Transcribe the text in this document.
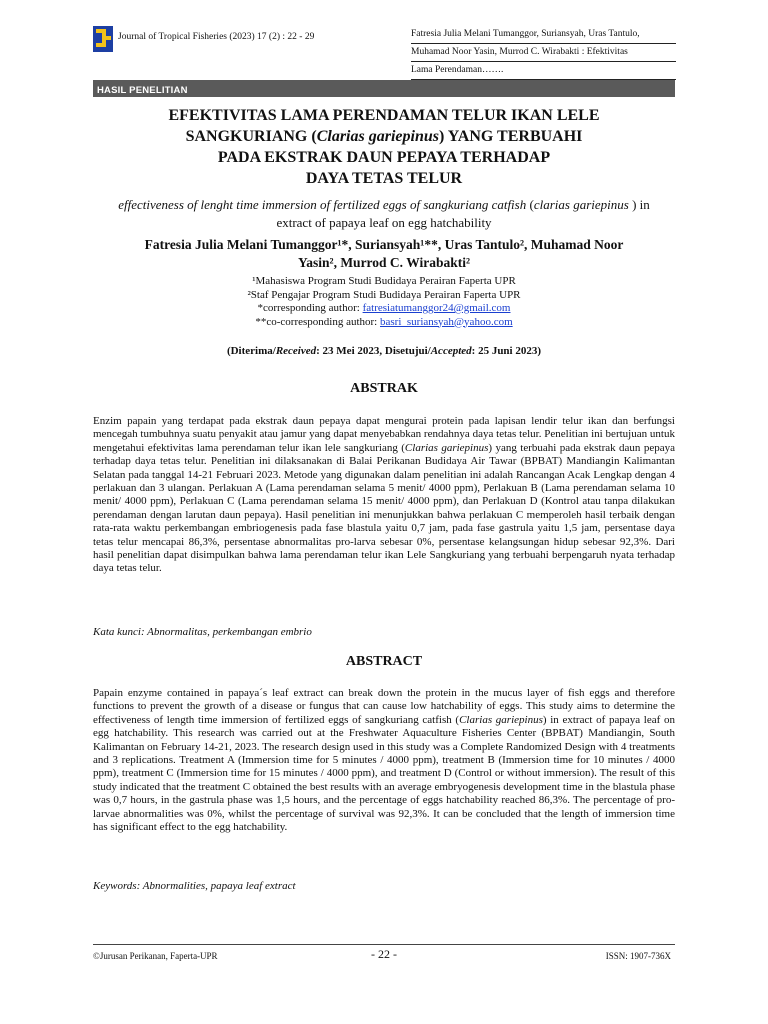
Journal of Tropical Fisheries (2023) 17 (2) : 22 - 29	Fatresia Julia Melani Tumanggor, Suriansyah, Uras Tantulo,
Muhamad Noor Yasin, Murrod C. Wirabakti : Efektivitas
Lama Perendaman…….
HASIL PENELITIAN
EFEKTIVITAS LAMA PERENDAMAN TELUR IKAN LELE
SANGKURIANG (Clarias gariepinus) YANG TERBUAHI
PADA EKSTRAK DAUN PEPAYA TERHADAP
DAYA TETAS TELUR
effectiveness of lenght time immersion of fertilized eggs of sangkuriang catfish (clarias gariepinus ) in extract of papaya leaf on egg hatchability
Fatresia Julia Melani Tumanggor¹*, Suriansyah¹**, Uras Tantulo², Muhamad Noor
Yasin², Murrod C. Wirabakti²
¹Mahasiswa Program Studi Budidaya Perairan Faperta UPR
²Staf Pengajar Program Studi Budidaya Perairan Faperta UPR
*corresponding author: fatresiatumanggor24@gmail.com
**co-corresponding author: basri_suriansyah@yahoo.com
(Diterima/Received: 23 Mei 2023, Disetujui/Accepted: 25 Juni 2023)
ABSTRAK

Enzim papain yang terdapat pada ekstrak daun pepaya dapat mengurai protein pada lapisan lendir telur ikan dan berfungsi mencegah tumbuhnya suatu penyakit atau jamur yang dapat menyebabkan rendahnya daya tetas telur. Penelitian ini bertujuan untuk mengetahui efektivitas lama perendaman telur ikan lele sangkuriang (Clarias gariepinus) yang terbuahi pada ekstrak daun pepaya terhadap daya tetas telur. Penelitian ini dilaksanakan di Balai Perikanan Budidaya Air Tawar (BPBAT) Mandiangin Kalimantan Selatan pada tanggal 14-21 Februari 2023. Metode yang digunakan dalam penelitian ini adalah Rancangan Acak Lengkap dengan 4 perlakuan dan 3 ulangan. Perlakuan A (Lama perendaman selama 5 menit/ 4000 ppm), Perlakuan B (Lama perendaman selama 10 menit/ 4000 ppm), Perlakuan C (Lama perendaman selama 15 menit/ 4000 ppm), dan Perlakuan D (Kontrol atau tanpa dilakukan perendaman dengan larutan daun pepaya). Hasil penelitian ini menunjukkan bahwa perlakuan C memperoleh hasil terbaik dengan rata-rata waktu perkembangan embriogenesis pada fase blastula yaitu 0,7 jam, pada fase gastrula yaitu 1,5 jam, persentase daya tetas telur mencapai 86,3%, persentase abnormalitas pro-larva sebesar 0%, persentase kelangsungan hidup sebesar 92,3%. Dari hasil penelitian dapat disimpulkan bahwa lama perendaman telur ikan Lele Sangkuriang yang terbuahi berpengaruh nyata terhadap daya tetas telur.

Kata kunci: Abnormalitas, perkembangan embrio
ABSTRACT

Papain enzyme contained in papaya´s leaf extract can break down the protein in the mucus layer of fish eggs and therefore functions to prevent the growth of a disease or fungus that can cause low hatchability of eggs. This study aims to determine the effectiveness of length time immersion of fertilized eggs of sangkuriang catfish (Clarias gariepinus) in extract of papaya leaf on egg hatchability. This research was carried out at the Freshwater Aquaculture Fisheries Center (BPBAT) Mandiangin, South Kalimantan on February 14-21, 2023. The research design used in this study was a Complete Randomized Design with 4 treatments and 3 replications. Treatment A (Immersion time for 5 minutes / 4000 ppm), treatment B (Immersion time for 10 minutes / 4000 ppm), treatment C (Immersion time for 15 minutes / 4000 ppm), and treatment D (Control or without immersion). The result of this study indicated that the treatment C obtained the best results with an average embryogenesis development time in the blastula phase was 0,7 hours, in the gastrula phase was 1,5 hours, and the percentage of eggs hatchability reached 86,3%. The percentage of pro-larvae abnormalities was 0%, whilst the percentage of survival was 92,3%. It can be concluded that the length of immersion time has significant effect to the egg hatchability.

Keywords: Abnormalities, papaya leaf extract
©Jurusan Perikanan, Faperta-UPR	- 22 -	ISSN: 1907-736X
